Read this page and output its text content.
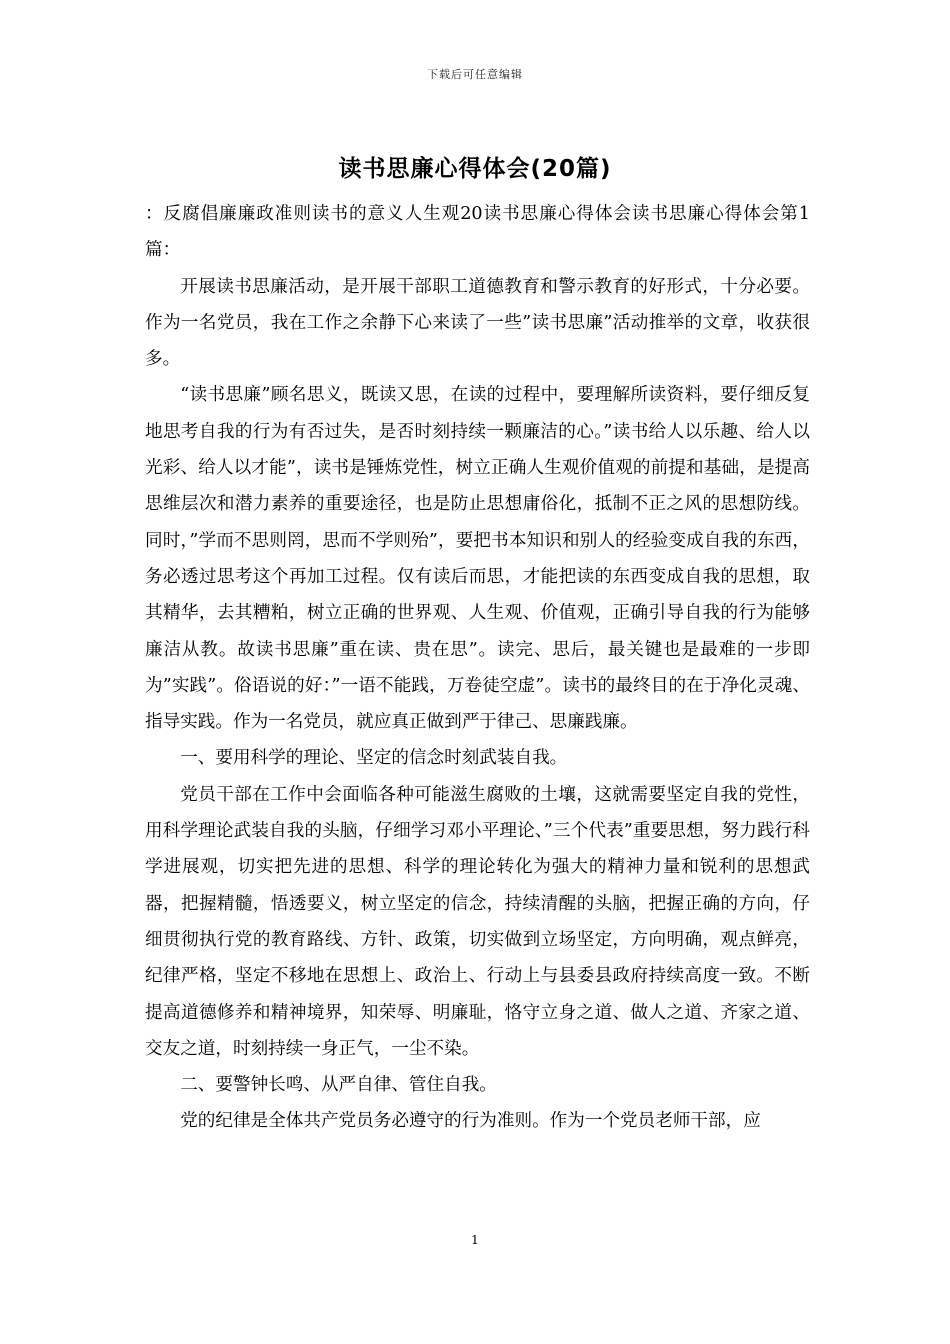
下载后可任意编辑
读书思廉心得体会(20篇)

：反腐倡廉廉政准则读书的意义人生观20读书思廉心得体会读书思廉心得体会第1篇：

开展读书思廉活动，是开展干部职工道德教育和警示教育的好形式，十分必要。作为一名党员，我在工作之余静下心来读了一些”读书思廉”活动推举的文章，收获很多。

“读书思廉”顾名思义，既读又思，在读的过程中，要理解所读资料，要仔细反复地思考自我的行为有否过失，是否时刻持续一颗廉洁的心。”读书给人以乐趣、给人以光彩、给人以才能”，读书是锤炼党性，树立正确人生观价值观的前提和基础，是提高思维层次和潜力素养的重要途径，也是防止思想庸俗化，抵制不正之风的思想防线。同时，”学而不思则罔，思而不学则殆”，要把书本知识和别人的经验变成自我的东西，务必透过思考这个再加工过程。仅有读后而思，才能把读的东西变成自我的思想，取其精华，去其糟粕，树立正确的世界观、人生观、价值观，正确引导自我的行为能够廉洁从教。故读书思廉”重在读、贵在思”。读完、思后，最关键也是最难的一步即为”实践”。俗语说的好：”一语不能践，万卷徒空虚”。读书的最终目的在于净化灵魂、指导实践。作为一名党员，就应真正做到严于律己、思廉践廉。

一、要用科学的理论、坚定的信念时刻武装自我。

党员干部在工作中会面临各种可能滋生腐败的土壤，这就需要坚定自我的党性，用科学理论武装自我的头脑，仔细学习邓小平理论、”三个代表”重要思想，努力践行科学进展观，切实把先进的思想、科学的理论转化为强大的精神力量和锐利的思想武器，把握精髓，悟透要义，树立坚定的信念，持续清醒的头脑，把握正确的方向，仔细贯彻执行党的教育路线、方针、政策，切实做到立场坚定，方向明确，观点鲜亮，纪律严格，坚定不移地在思想上、政治上、行动上与县委县政府持续高度一致。不断提高道德修养和精神境界，知荣辱、明廉耻，恪守立身之道、做人之道、齐家之道、交友之道，时刻持续一身正气，一尘不染。

二、要警钟长鸣、从严自律、管住自我。

党的纪律是全体共产党员务必遵守的行为准则。作为一个党员老师干部，应

1
